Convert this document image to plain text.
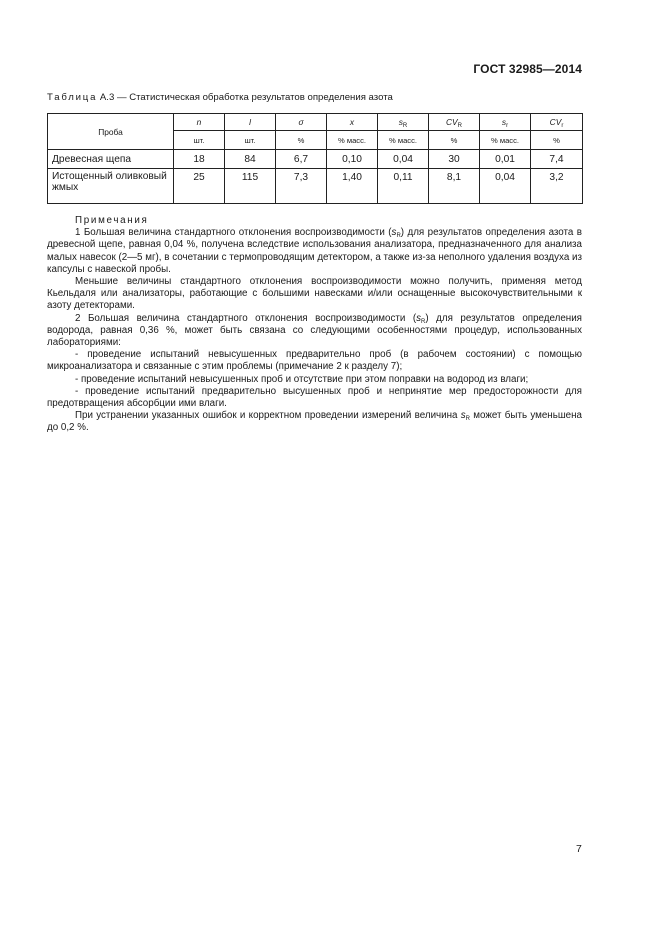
ГОСТ 32985—2014
Таблица А.3 — Статистическая обработка результатов определения азота
Проба	n	l	σ	x	$s_R$	$CV_R$	$s_r$	$CV_r$
	шт.	шт.	%	% масс.	% масс.	%	% масс.	%
Древесная щепа	18	84	6,7	0,10	0,04	30	0,01	7,4
Истощенный оливковый жмых	25	115	7,3	1,40	0,11	8,1	0,04	3,2

Примечания

1 Большая величина стандартного отклонения воспроизводимости $(s_R)$ для результатов определения азота в древесной щепе, равная 0,04 %, получена вследствие использования анализатора, предназначенного для анализа малых навесок (2—5 мг), в сочетании с термопроводящим детектором, а также из-за неполного удаления воздуха из капсулы с навеской пробы.

Меньшие величины стандартного отклонения воспроизводимости можно получить, применяя метод Кьельдаля или анализаторы, работающие с большими навесками и/или оснащенные высокочувствительными к азоту детекторами.

2 Большая величина стандартного отклонения воспроизводимости $(s_R)$ для результатов определения водорода, равная 0,36 %, может быть связана со следующими особенностями процедур, использованных лабораториями:

- проведение испытаний невысушенных предварительно проб (в рабочем состоянии) с помощью микроанализатора и связанные с этим проблемы (примечание 2 к разделу 7);

- проведение испытаний невысушенных проб и отсутствие при этом поправки на водород из влаги;

- проведение испытаний предварительно высушенных проб и непринятие мер предосторожности для предотвращения абсорбции ими влаги.

При устранении указанных ошибок и корректном проведении измерений величина $s_R$ может быть уменьшена до 0,2 %.

7
